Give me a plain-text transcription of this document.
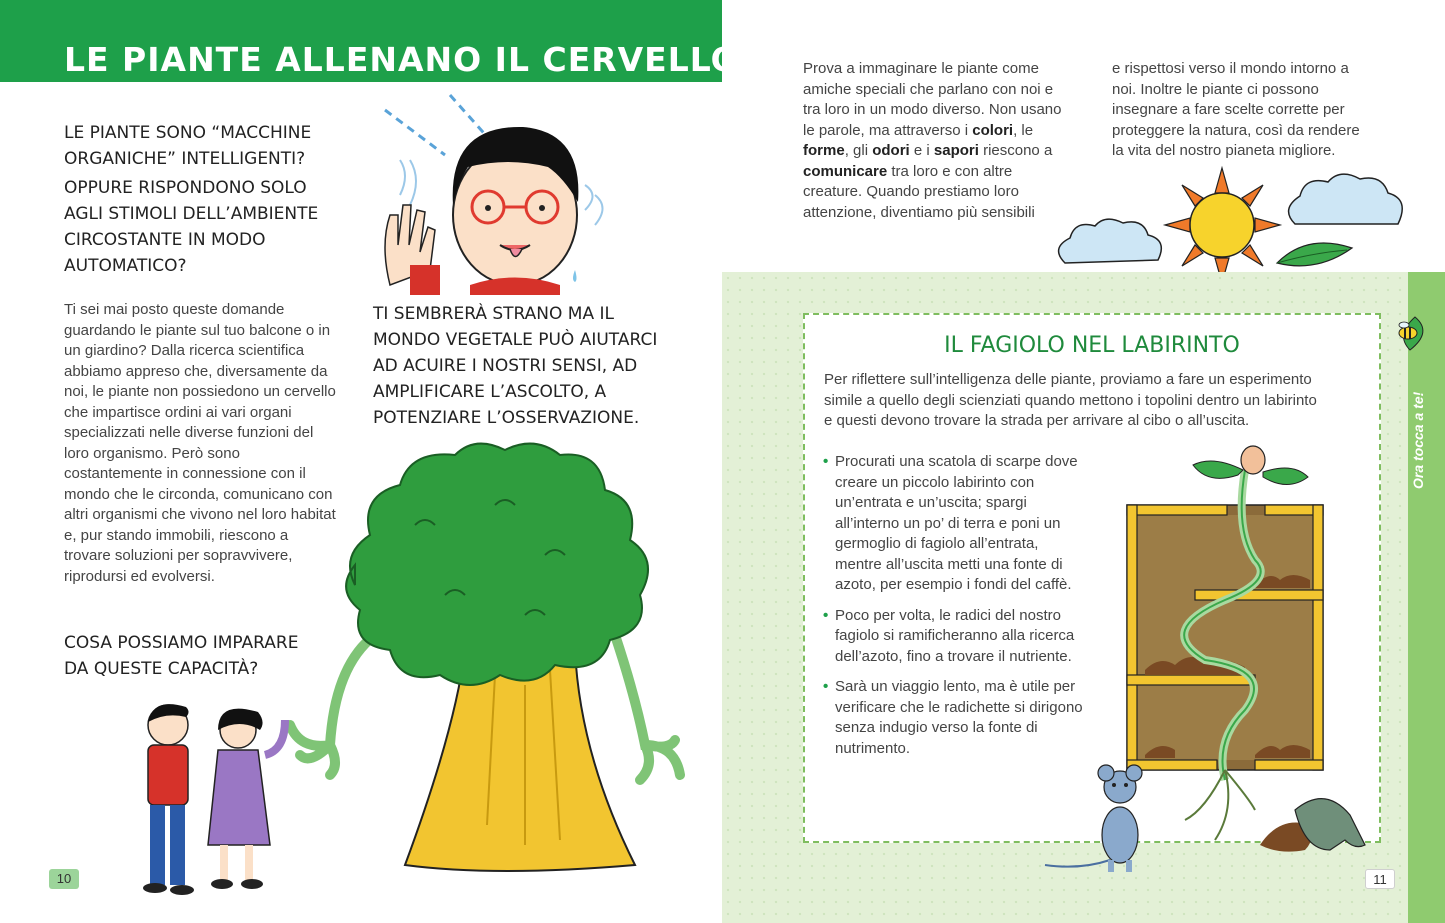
LE PIANTE ALLENANO IL CERVELLO
LE PIANTE SONO “MACCHINE ORGANICHE” INTELLIGENTI?
OPPURE RISPONDONO SOLO AGLI STIMOLI DELL’AMBIENTE CIRCOSTANTE IN MODO AUTOMATICO?
Ti sei mai posto queste domande guardando le piante sul tuo balcone o in un giardino? Dalla ricerca scientifica abbiamo appreso che, diversamente da noi, le piante non possiedono un cervello che impartisce ordini ai vari organi specializzati nelle diverse funzioni del loro organismo. Però sono costantemente in connessione con il mondo che le circonda, comunicano con altri organismi che vivono nel loro habitat e, pur stando immobili, riescono a trovare soluzioni per sopravvivere, riprodursi ed evolversi.
TI SEMBRERÀ STRANO MA IL MONDO VEGETALE PUÒ AIUTARCI AD ACUIRE I NOSTRI SENSI, AD AMPLIFICARE L’ASCOLTO, A POTENZIARE L’OSSERVAZIONE.
COSA POSSIAMO IMPARARE DA QUESTE CAPACITÀ?
10
Prova a immaginare le piante come amiche speciali che parlano con noi e tra loro in un modo diverso. Non usano le parole, ma attraverso i colori, le forme, gli odori e i sapori riescono a comunicare tra loro e con altre creature. Quando prestiamo loro attenzione, diventiamo più sensibili
e rispettosi verso il mondo intorno a noi. Inoltre le piante ci possono insegnare a fare scelte corrette per proteggere la natura, così da rendere la vita del nostro pianeta migliore.
Ora tocca a te!
IL FAGIOLO NEL LABIRINTO
Per riflettere sull’intelligenza delle piante, proviamo a fare un esperimento simile a quello degli scienziati quando mettono i topolini dentro un labirinto e questi devono trovare la strada per arrivare al cibo o all’uscita.
• Procurati una scatola di scarpe dove creare un piccolo labirinto con un’entrata e un’uscita; spargi all’interno un po’ di terra e poni un germoglio di fagiolo all’entrata, mentre all’uscita metti una fonte di azoto, per esempio i fondi del caffè.
• Poco per volta, le radici del nostro fagiolo si ramificheranno alla ricerca dell’azoto, fino a trovare il nutriente.
• Sarà un viaggio lento, ma è utile per verificare che le radichette si dirigono senza indugio verso la fonte di nutrimento.
11
